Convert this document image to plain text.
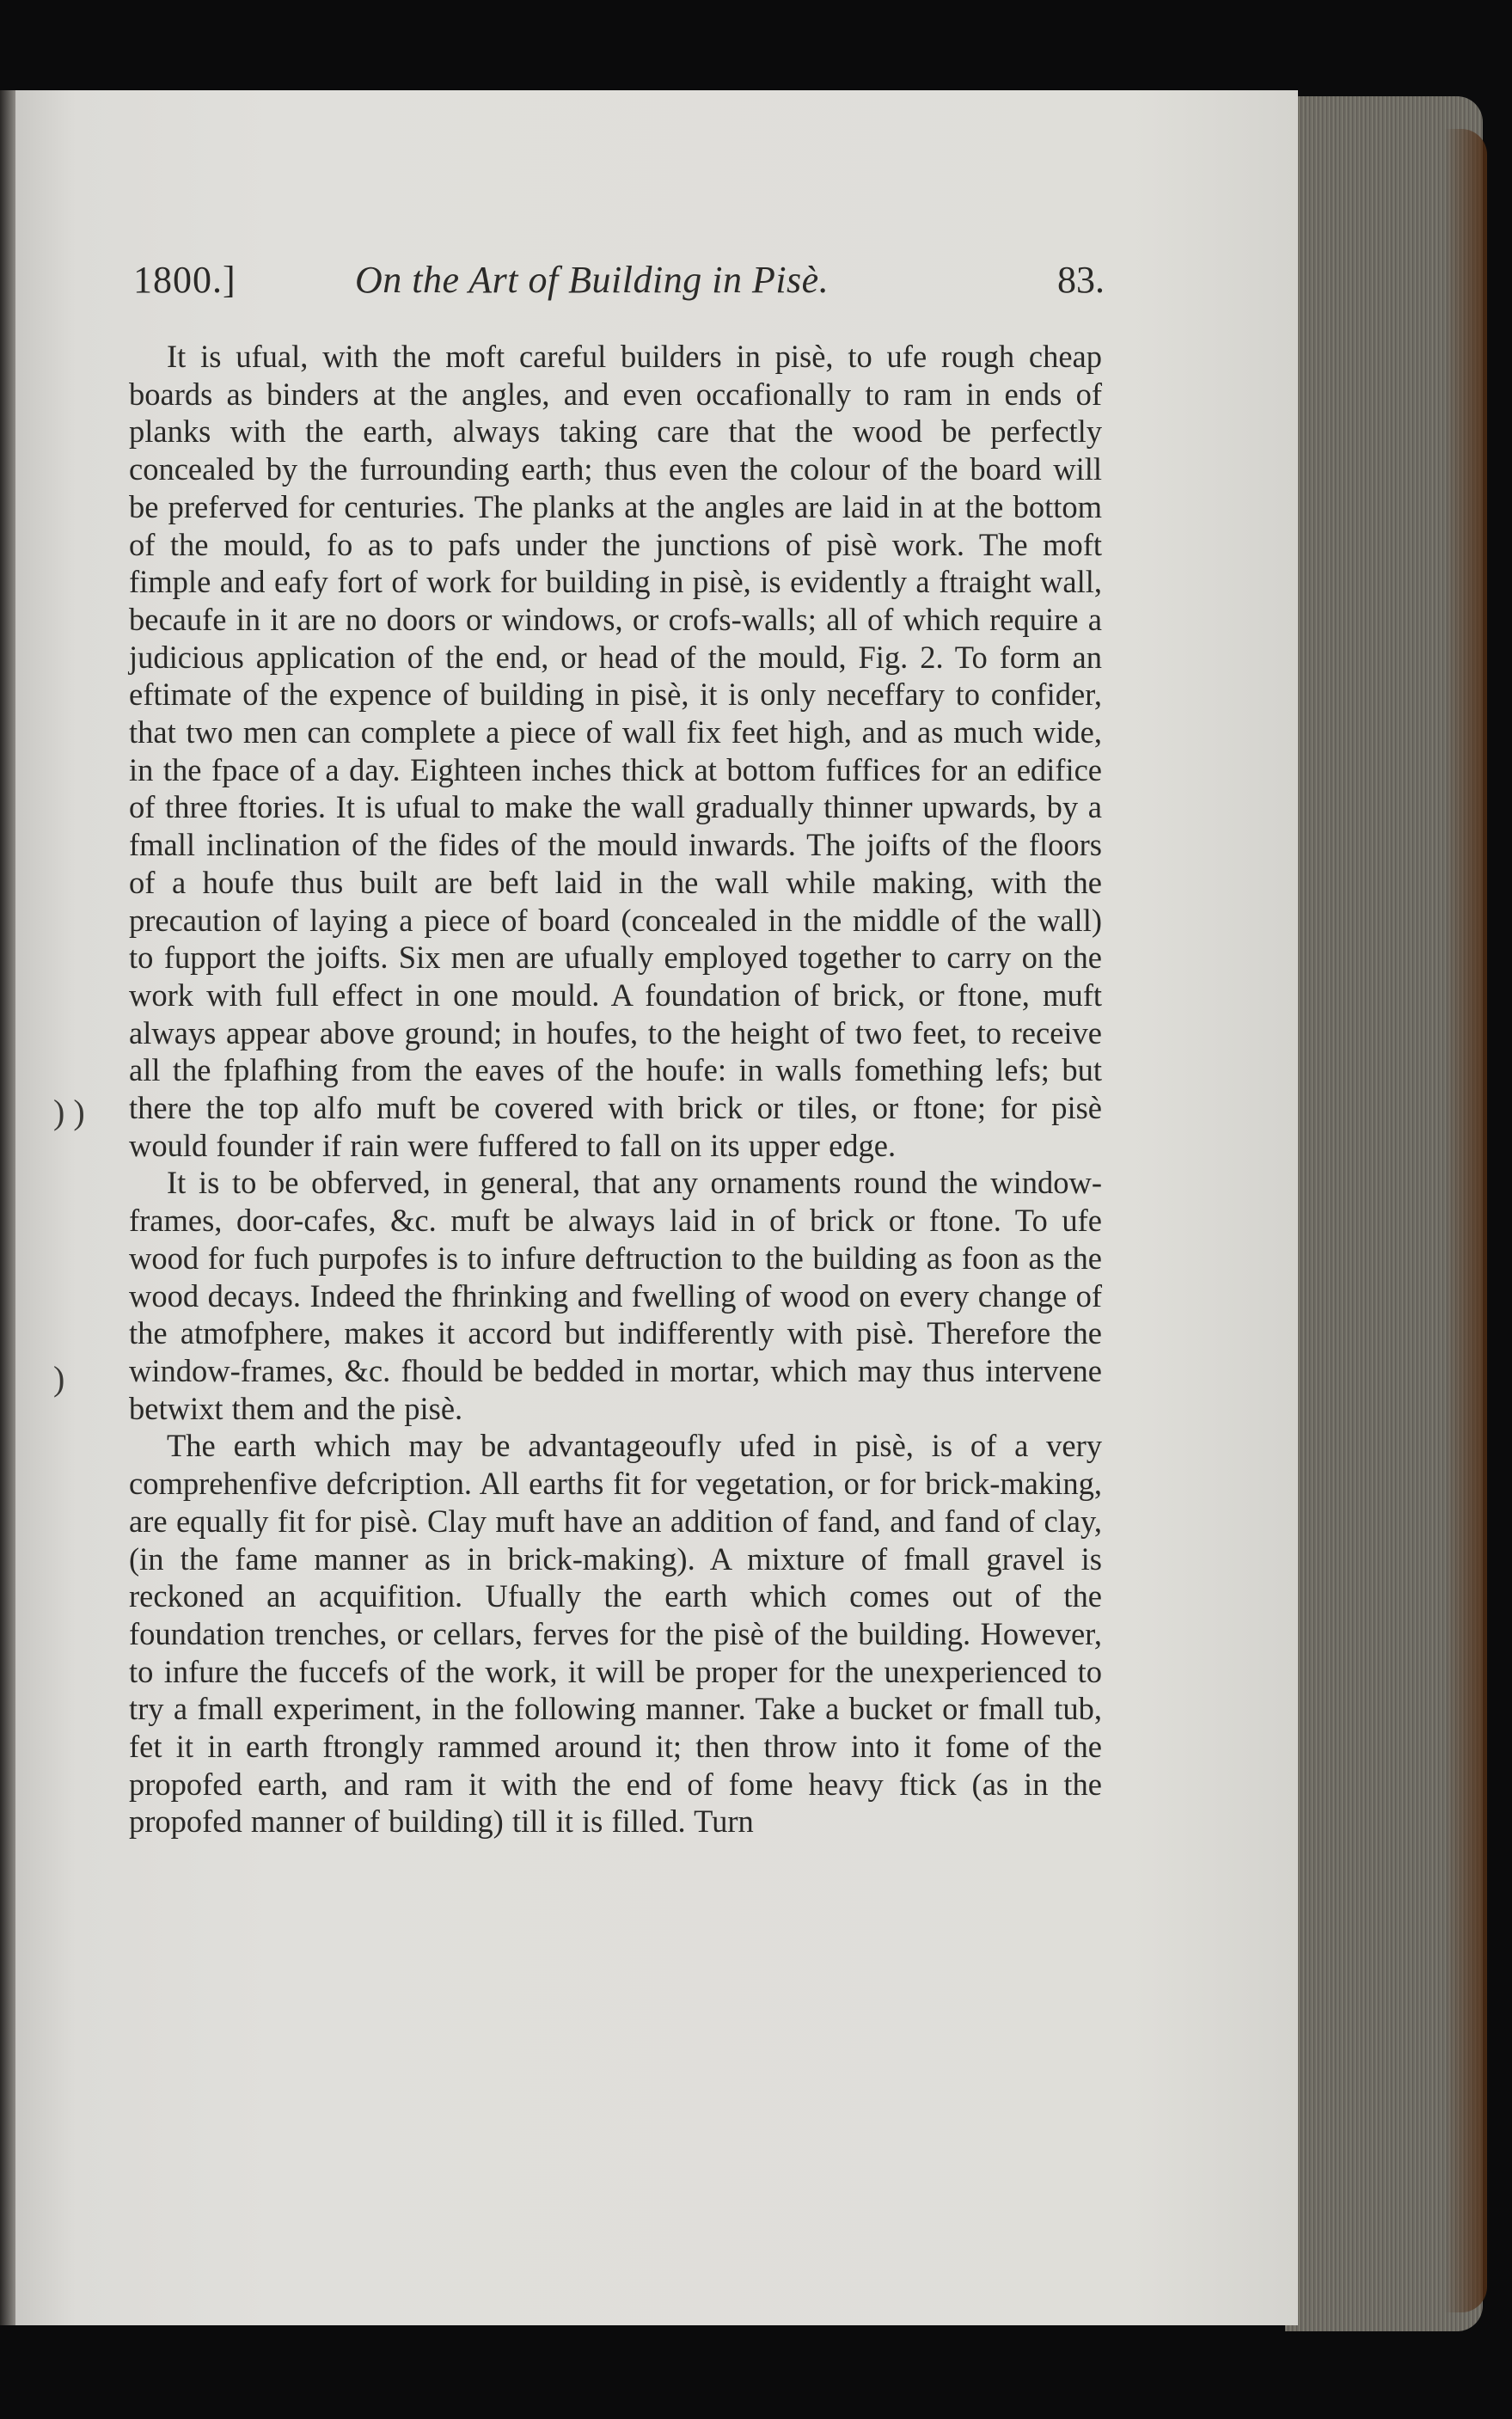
1800.]	On the Art of Building in Pisè.	83.

It is ufual, with the moft careful builders in pisè, to ufe rough cheap boards as binders at the angles, and even occafionally to ram in ends of planks with the earth, always taking care that the wood be perfectly concealed by the furrounding earth; thus even the colour of the board will be preferved for centuries. The planks at the angles are laid in at the bottom of the mould, fo as to pafs under the junctions of pisè work. The moft fimple and eafy fort of work for building in pisè, is evidently a ftraight wall, becaufe in it are no doors or windows, or crofs-walls; all of which require a judicious application of the end, or head of the mould, Fig. 2. To form an eftimate of the expence of building in pisè, it is only neceffary to confider, that two men can complete a piece of wall fix feet high, and as much wide, in the fpace of a day. Eighteen inches thick at bottom fuffices for an edifice of three ftories. It is ufual to make the wall gradually thinner upwards, by a fmall inclination of the fides of the mould inwards. The joifts of the floors of a houfe thus built are beft laid in the wall while making, with the precaution of laying a piece of board (concealed in the middle of the wall) to fupport the joifts. Six men are ufually employed together to carry on the work with full effect in one mould. A foundation of brick, or ftone, muft always appear above ground; in houfes, to the height of two feet, to receive all the fplafhing from the eaves of the houfe: in walls fomething lefs; but there the top alfo muft be covered with brick or tiles, or ftone; for pisè would founder if rain were fuffered to fall on its upper edge.

It is to be obferved, in general, that any ornaments round the window-frames, door-cafes, &c. muft be always laid in of brick or ftone. To ufe wood for fuch purpofes is to infure deftruction to the building as foon as the wood decays. Indeed the fhrinking and fwelling of wood on every change of the atmofphere, makes it accord but indifferently with pisè. Therefore the window-frames, &c. fhould be bedded in mortar, which may thus intervene betwixt them and the pisè.

The earth which may be advantageoufly ufed in pisè, is of a very comprehenfive defcription. All earths fit for vegetation, or for brick-making, are equally fit for pisè. Clay muft have an addition of fand, and fand of clay, (in the fame manner as in brick-making). A mixture of fmall gravel is reckoned an acquifition. Ufually the earth which comes out of the foundation trenches, or cellars, ferves for the pisè of the building. However, to infure the fuccefs of the work, it will be proper for the unexperienced to try a fmall experiment, in the following manner. Take a bucket or fmall tub, fet it in earth ftrongly rammed around it; then throw into it fome of the propofed earth, and ram it with the end of fome heavy ftick (as in the propofed manner of building) till it is filled. Turn

) )
)
